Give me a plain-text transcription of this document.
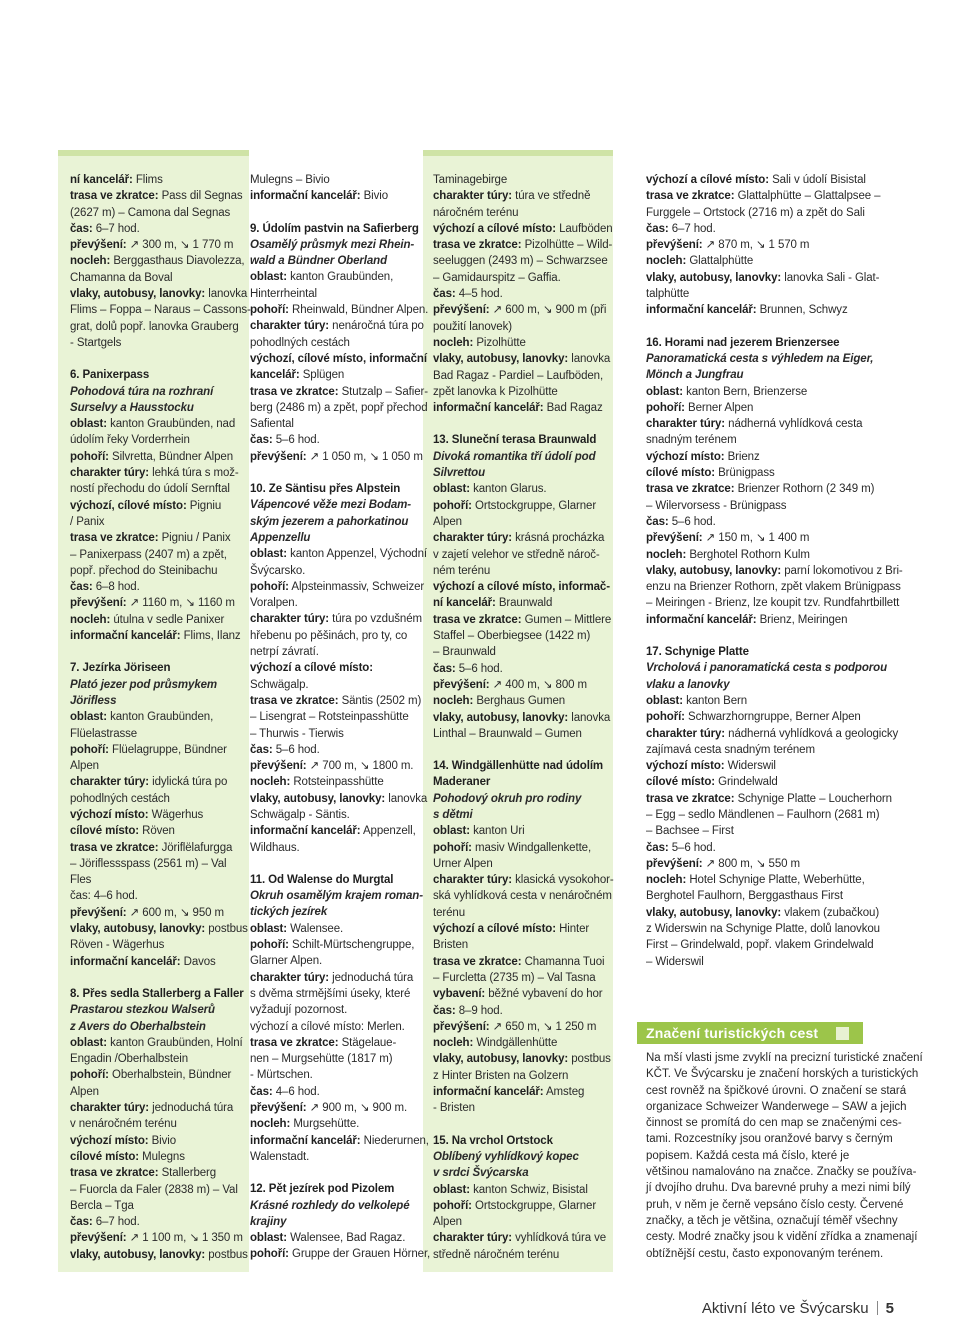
ní kancelář: Flims
trasa ve zkratce: Pass dil Segnas
(2627 m) – Camona dal Segnas
čas: 6–7 hod.
převýšení: ↗ 300 m, ↘ 1 770 m
nocleh: Berggasthaus Diavolezza,
Chamanna da Boval
vlaky, autobusy, lanovky: lanovka
Flims – Foppa – Naraus – Cassons-
grat, dolů popř. lanovka Grauberg
- Startgels
6. Panixerpass
Pohodová túra na rozhraní
Surselvy a Hausstocku
oblast: kanton Graubünden, nad
údolím řeky Vorderrhein
pohoří: Silvretta, Bündner Alpen
charakter túry: lehká túra s mož-
ností přechodu do údolí Sernftal
výchozí, cílové místo: Pigniu
/ Panix
trasa ve zkratce: Pigniu / Panix
– Panixerpass (2407 m) a zpět,
popř. přechod do Steinibachu
čas: 6–8 hod.
převýšení: ↗ 1160 m, ↘ 1160 m
nocleh: útulna v sedle Panixer
informační kancelář: Flims, Ilanz
7. Jezírka Jöriseen
Plató jezer pod průsmykem
Jörifless
oblast: kanton Graubünden,
Flüelastrasse
pohoří: Flüelagruppe, Bündner
Alpen
charakter túry: idylická túra po
pohodlných cestách
výchozí místo: Wägerhus
cílové místo: Röven
trasa ve zkratce: Jöriflëlafurgga
– Jöriflessspass (2561 m) – Val
Fles
čas: 4–6 hod.
převýšení: ↗ 600 m, ↘ 950 m
vlaky, autobusy, lanovky: postbus
Röven - Wägerhus
informační kancelář: Davos
8. Přes sedla Stallerberg a Faller
Prastarou stezkou Walserů
z Avers do Oberhalbstein
oblast: kanton Graubünden, Holní
Engadin /Oberhalbstein
pohoří: Oberhalbstein, Bündner
Alpen
charakter túry: jednoduchá túra
v nenáročném terénu
výchozí místo: Bivio
cílové místo: Mulegns
trasa ve zkratce: Stallerberg
– Fuorcla da Faler (2838 m) – Val
Bercla – Tga
čas: 6–7 hod.
převýšení: ↗ 1 100 m, ↘ 1 350 m
vlaky, autobusy, lanovky: postbus
Mulegns – Bivio
informační kancelář: Bivio
9. Údolím pastvin na Safierberg
Osamělý průsmyk mezi Rhein-
wald a Bündner Oberland
oblast: kanton Graubünden,
Hinterrheintal
pohoří: Rheinwald, Bündner Alpen.
charakter túry: nenáročná túra po
pohodlných cestách
výchozí, cílové místo, informační
kancelář: Splügen
trasa ve zkratce: Stutzalp – Safier-
berg (2486 m) a zpět, popř přechod
Safiental
čas: 5–6 hod.
převýšení: ↗ 1 050 m, ↘ 1 050 m
10. Ze Säntisu přes Alpstein
Vápencové věže mezi Bodam-
ským jezerem a pahorkatinou
Appenzellu
oblast: kanton Appenzel, Východní
Švýcarsko.
pohoří: Alpsteinmassiv, Schweizer
Voralpen.
charakter túry: túra po vzdušném
hřebenu po pěšinách, pro ty, co
netrpí závratí.
výchozí a cílové místo:
Schwägalp.
trasa ve zkratce: Säntis (2502 m)
– Lisengrat – Rotsteinpasshütte
– Thurwis - Tierwis
čas: 5–6 hod.
převýšení: ↗ 700 m, ↘ 1800 m.
nocleh: Rotsteinpasshütte
vlaky, autobusy, lanovky: lanovka
Schwägalp - Säntis.
informační kancelář: Appenzell,
Wildhaus.
11. Od Walense do Murgtal
Okruh osamělým krajem roman-
tických jezírek
oblast: Walensee.
pohoří: Schilt-Mürtschengruppe,
Glarner Alpen.
charakter túry: jednoduchá túra
s dvěma strmějšími úseky, které
vyžadují pozornost.
výchozí a cílové místo: Merlen.
trasa ve zkratce: Stägelaue-
nen – Murgsehütte (1817 m)
- Mürtschen.
čas: 4–6 hod.
převýšení: ↗ 900 m, ↘ 900 m.
nocleh: Murgsehütte.
informační kancelář: Niederurnen,
Walenstadt.
12. Pět jezírek pod Pizolem
Krásné rozhledy do velkolepé
krajiny
oblast: Walensee, Bad Ragaz.
pohoří: Gruppe der Grauen Hörner,
Taminagebirge
charakter túry: túra ve středně
náročném terénu
výchozí a cílové místo: Laufböden
trasa ve zkratce: Pizolhütte – Wild-
seeluggen (2493 m) – Schwarzsee
– Gamidaurspitz – Gaffia.
čas: 4–5 hod.
převýšení: ↗ 600 m, ↘ 900 m (při
použití lanovek)
nocleh: Pizolhütte
vlaky, autobusy, lanovky: lanovka
Bad Ragaz - Pardiel – Laufböden,
zpět lanovka k Pizolhütte
informační kancelář: Bad Ragaz
13. Sluneční terasa Braunwald
Divoká romantika tří údolí pod
Silvrettou
oblast: kanton Glarus.
pohoří: Ortstockgruppe, Glarner
Alpen
charakter túry: krásná procházka
v zajetí velehor ve středně nároč-
ném terénu
výchozí a cílové místo, informač-
ní kancelář: Braunwald
trasa ve zkratce: Gumen – Mittlere
Staffel – Oberbiegsee (1422 m)
– Braunwald
čas: 5–6 hod.
převýšení: ↗ 400 m, ↘ 800 m
nocleh: Berghaus Gumen
vlaky, autobusy, lanovky: lanovka
Linthal – Braunwald – Gumen
14. Windgällenhütte nad údolím
Maderaner
Pohodový okruh pro rodiny
s dětmi
oblast: kanton Uri
pohoří: masiv Windgallenkette,
Urner Alpen
charakter túry: klasická vysokohor-
ská vyhlídková cesta v nenáročném
terénu
výchozí a cílové místo: Hinter
Bristen
trasa ve zkratce: Chamanna Tuoi
– Furcletta (2735 m) – Val Tasna
vybavení: běžné vybavení do hor
čas: 8–9 hod.
převýšení: ↗ 650 m, ↘ 1 250 m
nocleh: Windgällenhütte
vlaky, autobusy, lanovky: postbus
z Hinter Bristen na Golzern
informační kancelář: Amsteg
- Bristen
15. Na vrchol Ortstock
Oblíbený vyhlídkový kopec
v srdci Švýcarska
oblast: kanton Schwiz, Bisistal
pohoří: Ortstockgruppe, Glarner
Alpen
charakter túry: vyhlídková túra ve
středně náročném terénu
výchozí a cílové místo: Sali v údolí Bisistal
trasa ve zkratce: Glattalphütte – Glattalpsee –
Furggele – Ortstock (2716 m) a zpět do Sali
čas: 6–7 hod.
převýšení: ↗ 870 m, ↘ 1 570 m
nocleh: Glattalphütte
vlaky, autobusy, lanovky: lanovka Sali - Glat-
talphütte
informační kancelář: Brunnen, Schwyz
16. Horami nad jezerem Brienzersee
Panoramatická cesta s výhledem na Eiger,
Mönch a Jungfrau
oblast: kanton Bern, Brienzerse
pohoří: Berner Alpen
charakter túry: nádherná vyhlídková cesta
snadným terénem
výchozí místo: Brienz
cílové místo: Brünigpass
trasa ve zkratce: Brienzer Rothorn (2 349 m)
– Wilervorsess - Brünigpass
čas: 5–6 hod.
převýšení: ↗ 150 m, ↘ 1 400 m
nocleh: Berghotel Rothorn Kulm
vlaky, autobusy, lanovky: parní lokomotivou z Bri-
enzu na Brienzer Rothorn, zpět vlakem Brünigpass
– Meiringen - Brienz, lze koupit tzv. Rundfahrtbillett
informační kancelář: Brienz, Meiringen
17. Schynige Platte
Vrcholová i panoramatická cesta s podporou
vlaku a lanovky
oblast: kanton Bern
pohoří: Schwarzhorngruppe, Berner Alpen
charakter túry: nádherná vyhlídková a geologicky
zajímavá cesta snadným terénem
výchozí místo: Widerswil
cílové místo: Grindelwald
trasa ve zkratce: Schynige Platte – Loucherhorn
– Egg – sedlo Mändlenen – Faulhorn (2681 m)
– Bachsee – First
čas: 5–6 hod.
převýšení: ↗ 800 m, ↘ 550 m
nocleh: Hotel Schynige Platte, Weberhütte,
Berghotel Faulhorn, Berggasthaus First
vlaky, autobusy, lanovky: vlakem (zubačkou)
z Widerswin na Schynige Platte, dolů lanovkou
First – Grindelwald, popř. vlakem Grindelwald
– Widerswil
Značení turistických cest
Na mší vlasti jsme zvyklí na precizní turistické značení
KČT. Ve Švýcarsku je značení horských a turistických
cest rovněž na špičkové úrovni. O značení se stará
organizace Schweizer Wanderwege – SAW a jejich
činnost se promítá do cen map se značenými ces-
tami. Rozcestníky jsou oranžové barvy s černým
popisem. Každá cesta má číslo, které je
většinou namalováno na značce. Značky se používa-
jí dvojího druhu. Dva barevné pruhy a mezi nimi bílý
pruh, v něm je černě vepsáno číslo cesty. Červené
značky, a těch je většina, označují téměř všechny
cesty. Modré značky jsou k vidění zřídka a znamenají
obtížnější cestu, často exponovaným terénem.
Aktivní léto ve Švýcarsku 5
